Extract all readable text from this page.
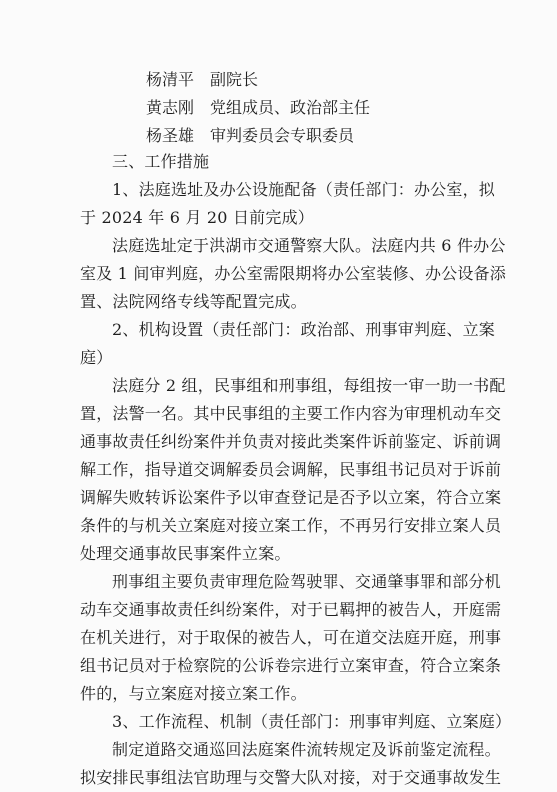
杨清平 副院长
黄志刚 党组成员、政治部主任
杨圣雄 审判委员会专职委员
三、工作措施
1、法庭选址及办公设施配备（责任部门：办公室，拟
于 2024 年 6 月 20 日前完成）
法庭选址定于洪湖市交通警察大队。法庭内共 6 件办公
室及 1 间审判庭，办公室需限期将办公室装修、办公设备添
置、法院网络专线等配置完成。
2、机构设置（责任部门：政治部、刑事审判庭、立案
庭）
法庭分 2 组，民事组和刑事组，每组按一审一助一书配
置，法警一名。其中民事组的主要工作内容为审理机动车交
通事故责任纠纷案件并负责对接此类案件诉前鉴定、诉前调
解工作，指导道交调解委员会调解，民事组书记员对于诉前
调解失败转诉讼案件予以审查登记是否予以立案，符合立案
条件的与机关立案庭对接立案工作，不再另行安排立案人员
处理交通事故民事案件立案。
刑事组主要负责审理危险驾驶罪、交通肇事罪和部分机
动车交通事故责任纠纷案件，对于已羁押的被告人，开庭需
在机关进行，对于取保的被告人，可在道交法庭开庭，刑事
组书记员对于检察院的公诉卷宗进行立案审查，符合立案条
件的，与立案庭对接立案工作。
3、工作流程、机制（责任部门：刑事审判庭、立案庭）
制定道路交通巡回法庭案件流转规定及诉前鉴定流程。
拟安排民事组法官助理与交警大队对接，对于交通事故发生
